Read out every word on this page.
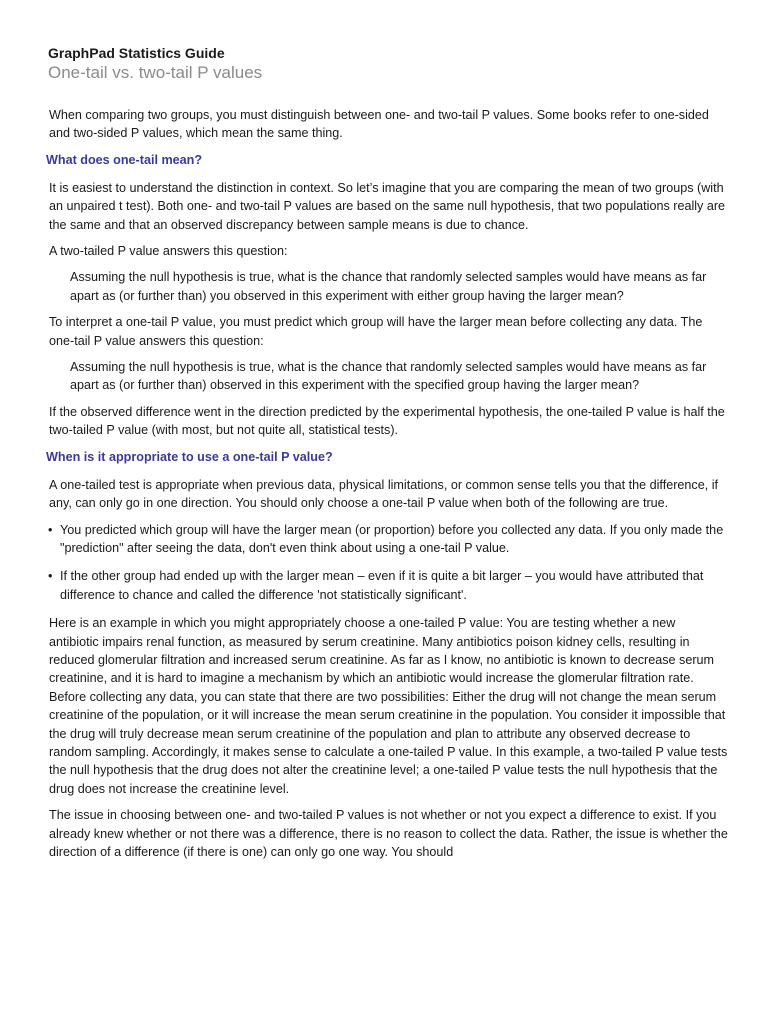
GraphPad Statistics Guide
One-tail vs. two-tail P values

When comparing two groups, you must distinguish between one- and two-tail P values. Some books refer to one-sided and two-sided P values, which mean the same thing.

What does one-tail mean?

It is easiest to understand the distinction in context. So let’s imagine that you are comparing the mean of two groups (with an unpaired t test). Both one- and two-tail P values are based on the same null hypothesis, that two populations really are the same and that an observed discrepancy between sample means is due to chance.

A two-tailed P value answers this question:

Assuming the null hypothesis is true, what is the chance that randomly selected samples would have means as far apart as (or further than) you observed in this experiment with either group having the larger mean?

To interpret a one-tail P value, you must predict which group will have the larger mean before collecting any data. The one-tail P value answers this question:

Assuming the null hypothesis is true, what is the chance that randomly selected samples would have means as far apart as (or further than) observed in this experiment with the specified group having the larger mean?

If the observed difference went in the direction predicted by the experimental hypothesis, the one-tailed P value is half the two-tailed P value (with most, but not quite all, statistical tests).

When is it appropriate to use a one-tail P value?

A one-tailed test is appropriate when previous data, physical limitations, or common sense tells you that the difference, if any, can only go in one direction. You should only choose a one-tail P value when both of the following are true.

• You predicted which group will have the larger mean (or proportion) before you collected any data. If you only made the "prediction" after seeing the data, don't even think about using a one-tail P value.
• If the other group had ended up with the larger mean – even if it is quite a bit larger – you would have attributed that difference to chance and called the difference 'not statistically significant'.

Here is an example in which you might appropriately choose a one-tailed P value: You are testing whether a new antibiotic impairs renal function, as measured by serum creatinine. Many antibiotics poison kidney cells, resulting in reduced glomerular filtration and increased serum creatinine. As far as I know, no antibiotic is known to decrease serum creatinine, and it is hard to imagine a mechanism by which an antibiotic would increase the glomerular filtration rate. Before collecting any data, you can state that there are two possibilities: Either the drug will not change the mean serum creatinine of the population, or it will increase the mean serum creatinine in the population. You consider it impossible that the drug will truly decrease mean serum creatinine of the population and plan to attribute any observed decrease to random sampling. Accordingly, it makes sense to calculate a one-tailed P value. In this example, a two-tailed P value tests the null hypothesis that the drug does not alter the creatinine level; a one-tailed P value tests the null hypothesis that the drug does not increase the creatinine level.

The issue in choosing between one- and two-tailed P values is not whether or not you expect a difference to exist. If you already knew whether or not there was a difference, there is no reason to collect the data. Rather, the issue is whether the direction of a difference (if there is one) can only go one way. You should
